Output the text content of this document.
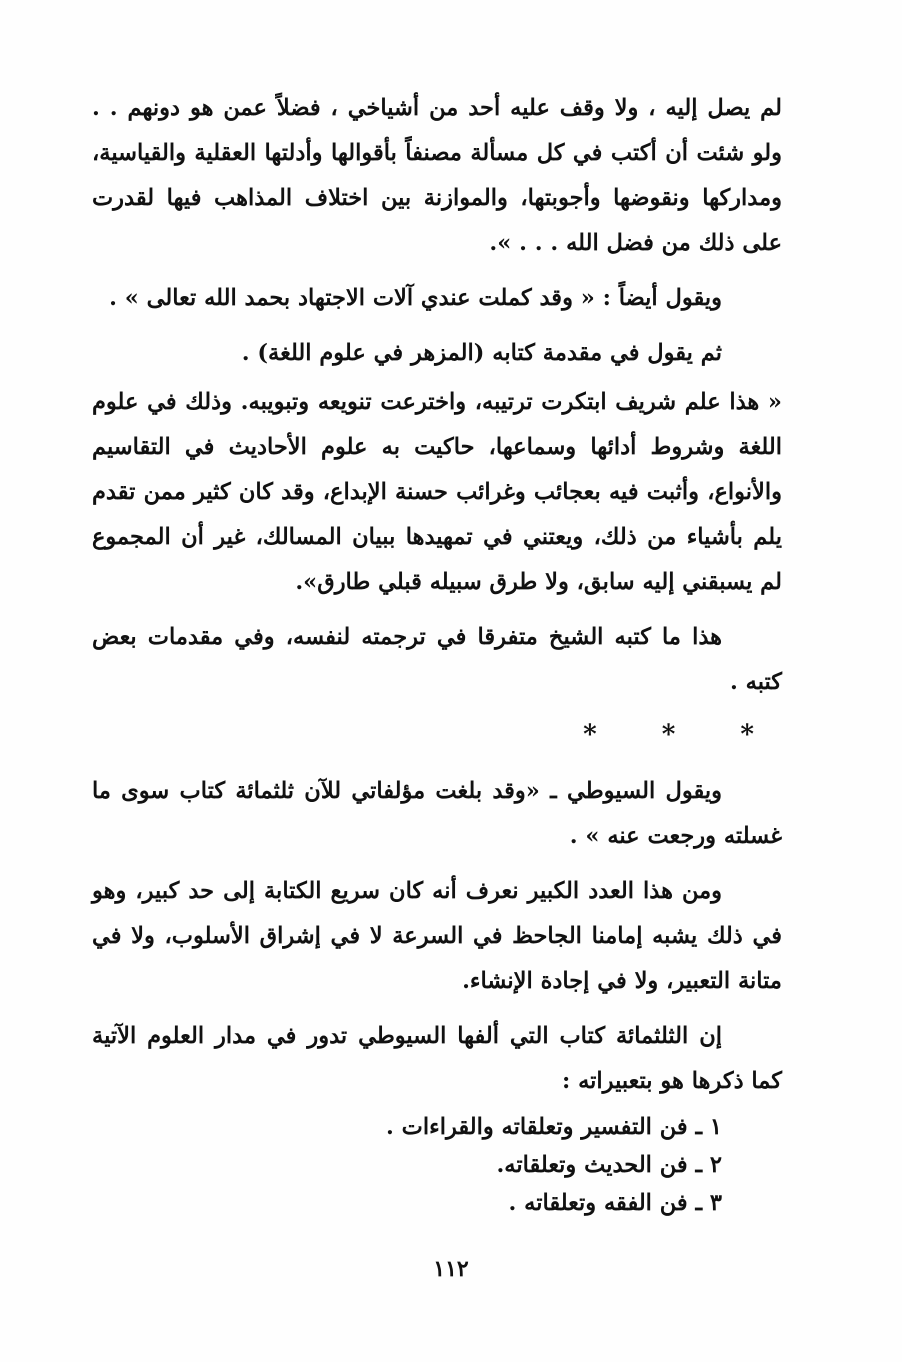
لم يصل إليه ، ولا وقف عليه أحد من أشياخي ، فضلاً عمن هو دونهم . . ولو شئت أن أكتب في كل مسألة مصنفاً بأقوالها وأدلتها العقلية والقياسية، ومداركها ونقوضها وأجوبتها، والموازنة بين اختلاف المذاهب فيها لقدرت على ذلك من فضل الله . . . ».

ويقول أيضاً : « وقد كملت عندي آلات الاجتهاد بحمد الله تعالى » .

ثم يقول في مقدمة كتابه (المزهر في علوم اللغة) .

« هذا علم شريف ابتكرت ترتيبه، واخترعت تنويعه وتبويبه. وذلك في علوم اللغة وشروط أدائها وسماعها، حاكيت به علوم الأحاديث في التقاسيم والأنواع، وأثبت فيه بعجائب وغرائب حسنة الإبداع، وقد كان كثير ممن تقدم يلم بأشياء من ذلك، ويعتني في تمهيدها ببيان المسالك، غير أن المجموع لم يسبقني إليه سابق، ولا طرق سبيله قبلي طارق».

هذا ما كتبه الشيخ متفرقا في ترجمته لنفسه، وفي مقدمات بعض كتبه .

* * *

ويقول السيوطي ـ «وقد بلغت مؤلفاتي للآن ثلثمائة كتاب سوى ما غسلته ورجعت عنه » .

ومن هذا العدد الكبير نعرف أنه كان سريع الكتابة إلى حد كبير، وهو في ذلك يشبه إمامنا الجاحظ في السرعة لا في إشراق الأسلوب، ولا في متانة التعبير، ولا في إجادة الإنشاء.

إن الثلثمائة كتاب التي ألفها السيوطي تدور في مدار العلوم الآتية كما ذكرها هو بتعبيراته :

١ ـ فن التفسير وتعلقاته والقراءات .
٢ ـ فن الحديث وتعلقاته.
٣ ـ فن الفقه وتعلقاته .
١١٢
